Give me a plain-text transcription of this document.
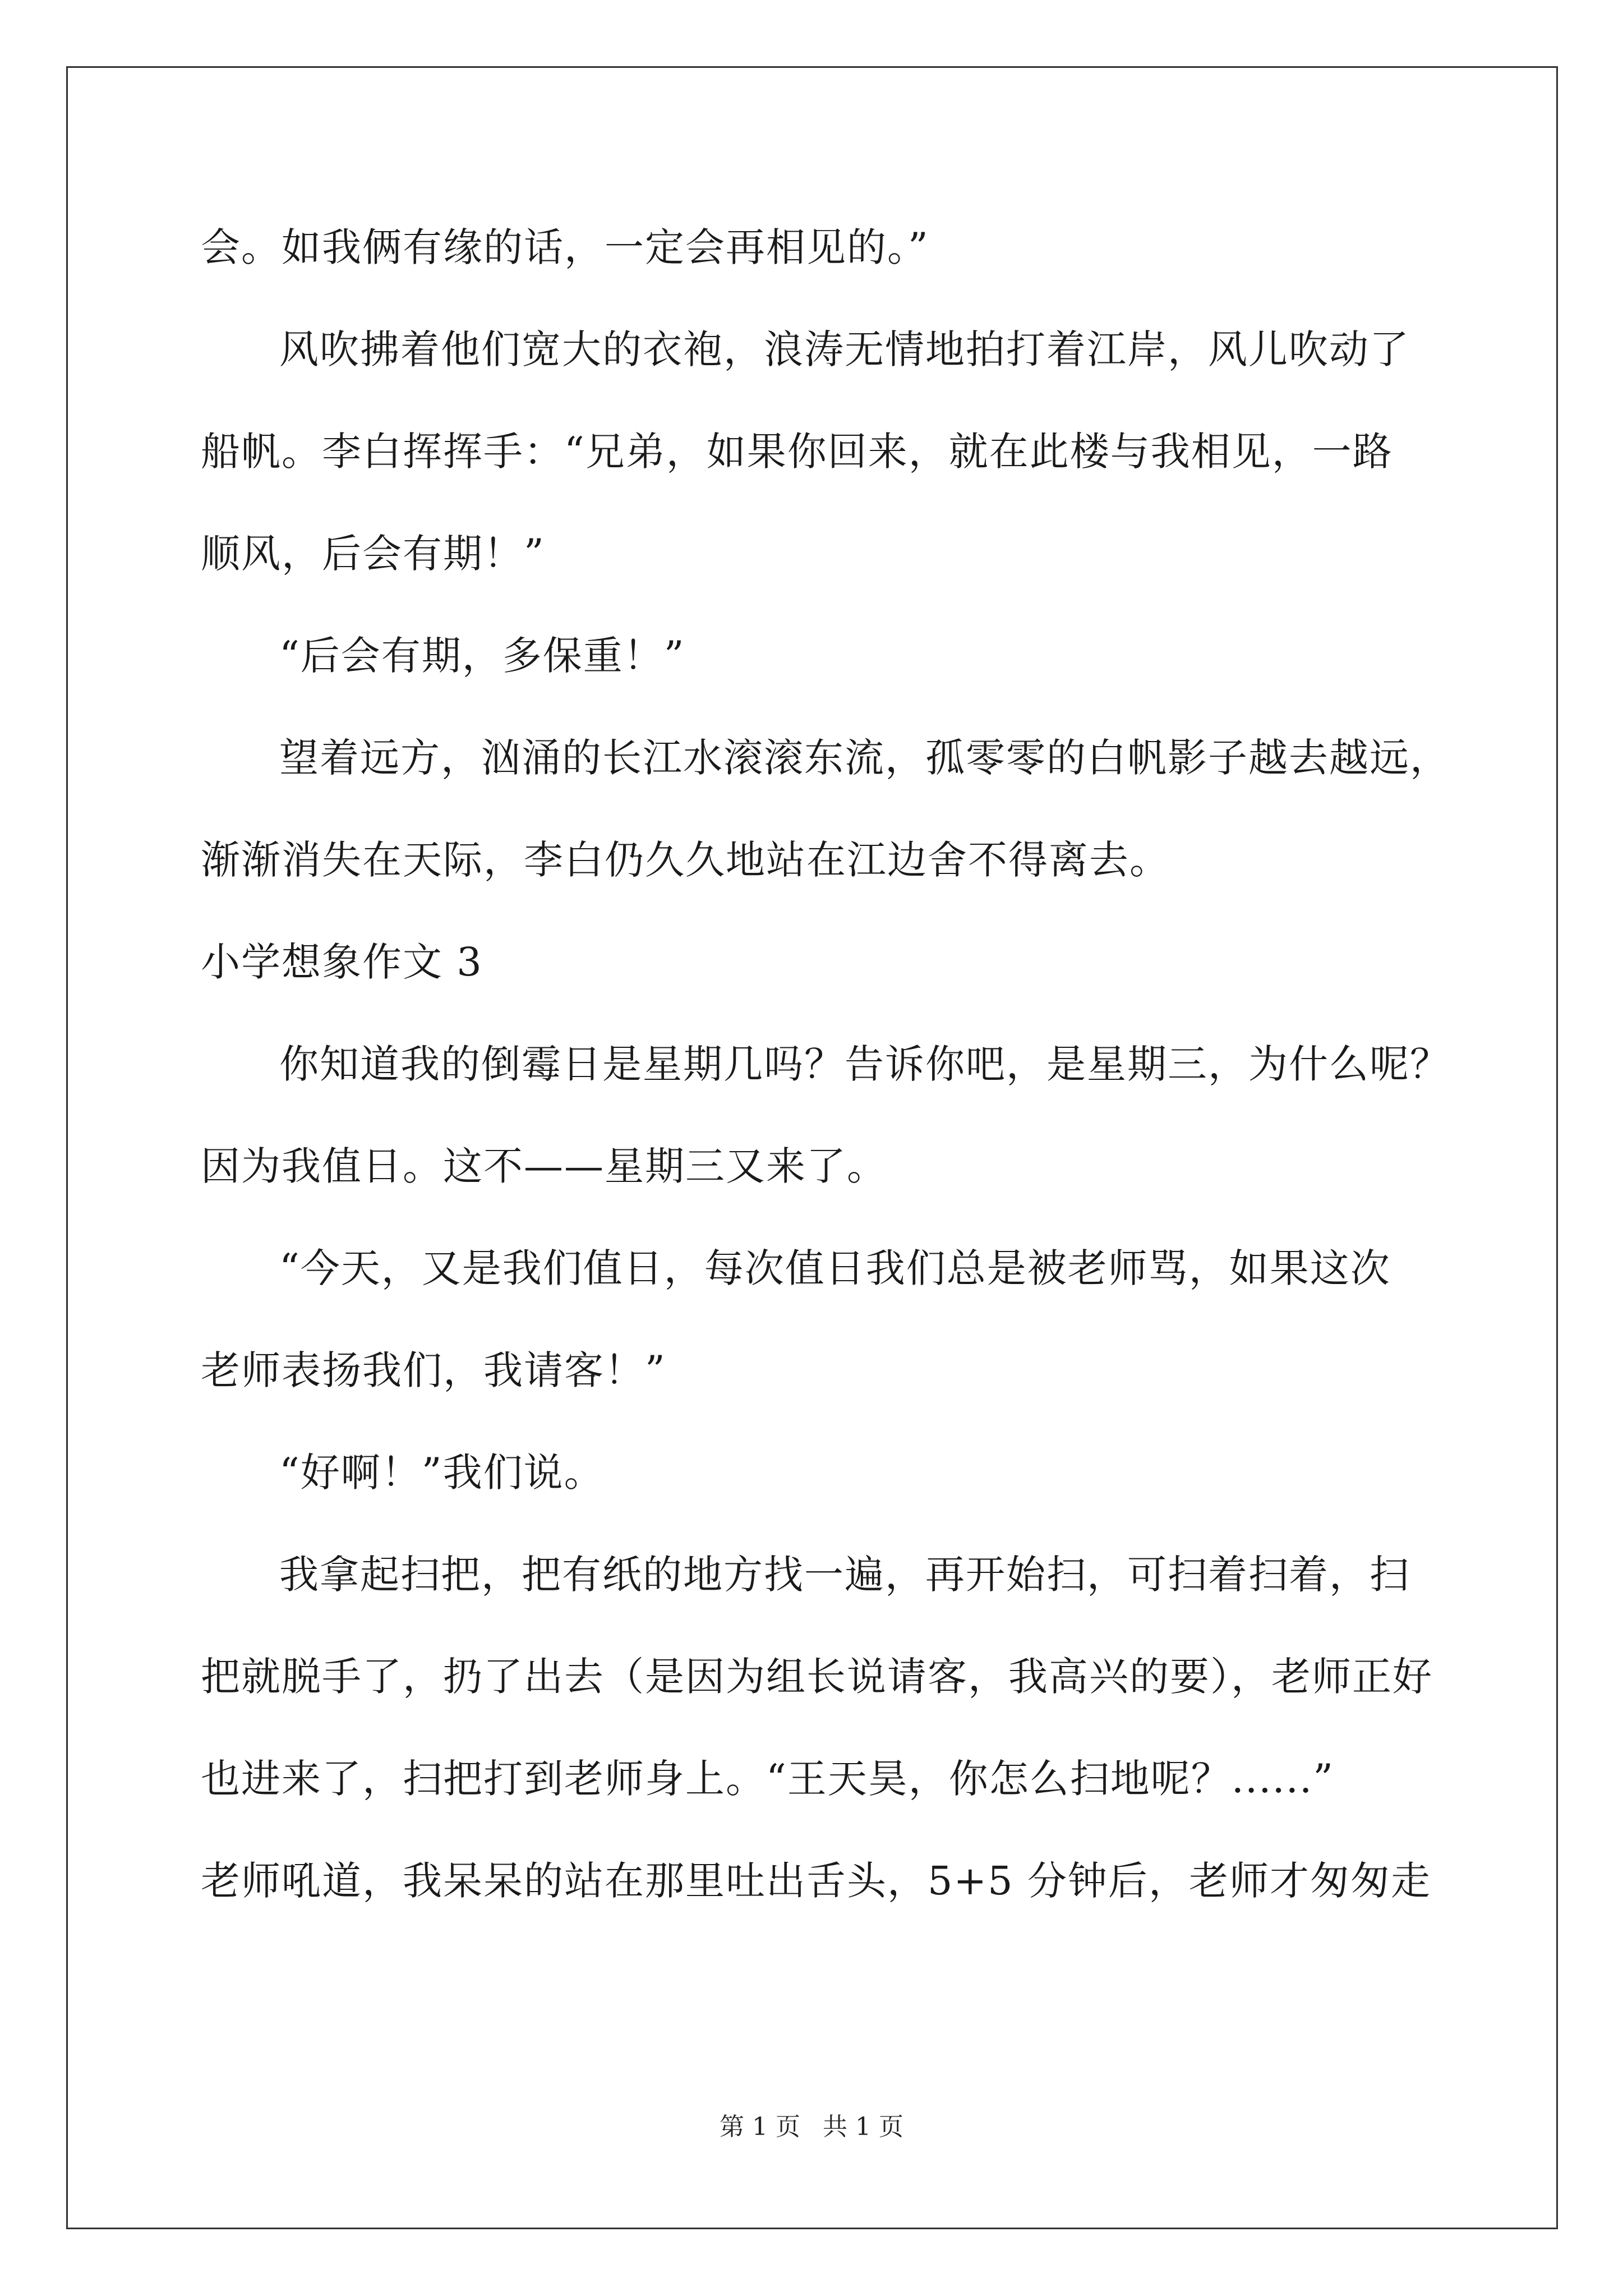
会。如我俩有缘的话，一定会再相见的。”
风吹拂着他们宽大的衣袍，浪涛无情地拍打着江岸，风儿吹动了
船帆。李白挥挥手：“兄弟，如果你回来，就在此楼与我相见，一路
顺风，后会有期！”
“后会有期，多保重！”
望着远方，汹涌的长江水滚滚东流，孤零零的白帆影子越去越远，
渐渐消失在天际，李白仍久久地站在江边舍不得离去。
小学想象作文 3
你知道我的倒霉日是星期几吗？告诉你吧，是星期三，为什么呢？
因为我值日。这不——星期三又来了。
“今天，又是我们值日，每次值日我们总是被老师骂，如果这次
老师表扬我们，我请客！”
“好啊！”我们说。
我拿起扫把，把有纸的地方找一遍，再开始扫，可扫着扫着，扫
把就脱手了，扔了出去（是因为组长说请客，我高兴的要），老师正好
也进来了，扫把打到老师身上。“王天昊，你怎么扫地呢？......”
老师吼道，我呆呆的站在那里吐出舌头，5+5 分钟后，老师才匆匆走
第 1 页 共 1 页
